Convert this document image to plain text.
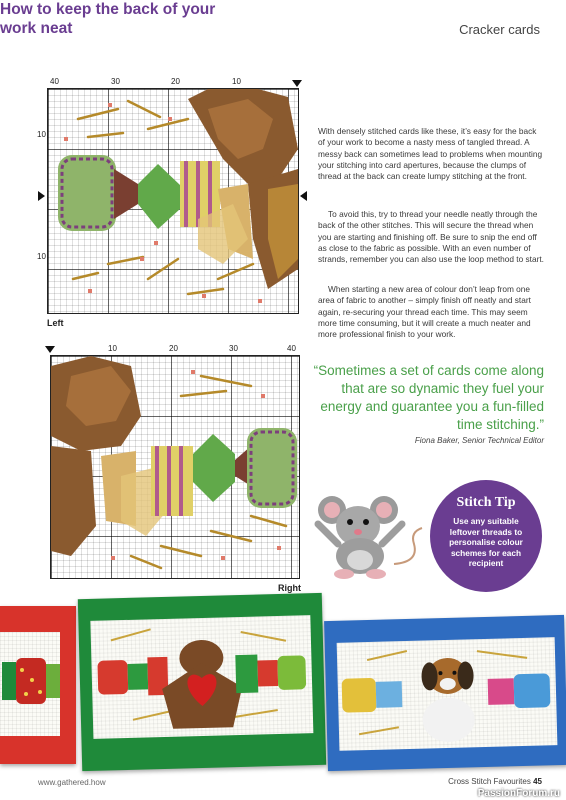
Cracker cards
40	30	20	10
10
10
Left
10	20	30	40
Right
How to keep the back of your work neat

With densely stitched cards like these, it’s easy for the back of your work to become a nasty mess of tangled thread. A messy back can sometimes lead to problems when mounting your stitching into card apertures, because the clumps of thread at the back can create lumpy stitching at the front.

To avoid this, try to thread your needle neatly through the back of the other stitches. This will secure the thread when you are starting and finishing off. Be sure to snip the end off as close to the fabric as possible. With an even number of strands, remember you can also use the loop method to start.

When starting a new area of colour don’t leap from one area of fabric to another – simply finish off neatly and start again, re-securing your thread each time. This may seem more time consuming, but it will create a much neater and more professional finish to your work.

“Sometimes a set of cards come along that are so dynamic they fuel your energy and guarantee you a fun-filled time stitching.”
Fiona Baker, Senior Technical Editor
Stitch Tip
Use any suitable leftover threads to personalise colour schemes for each recipient
www.gathered.how	Cross Stitch Favourites 45
PassionForum.ru
